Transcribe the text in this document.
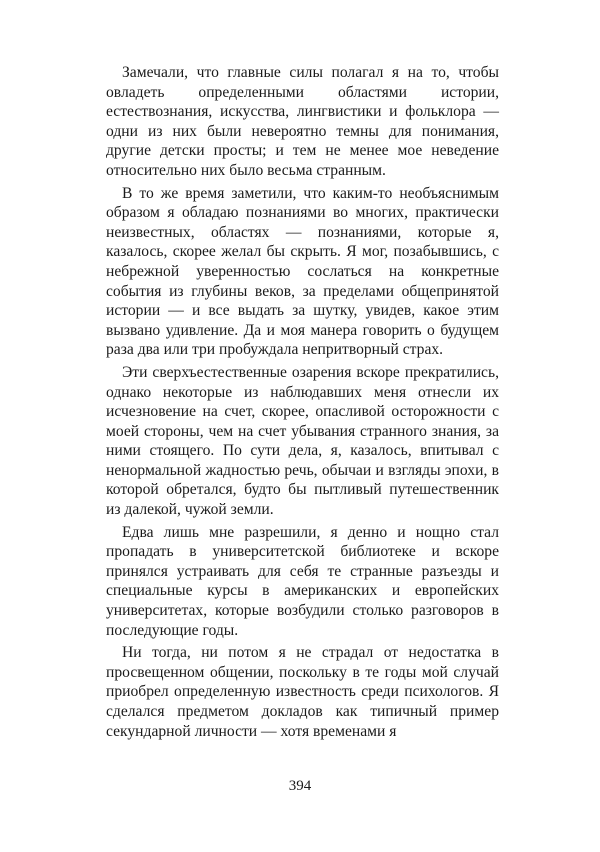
Замечали, что главные силы полагал я на то, чтобы овладеть определенными областями истории, естествознания, искусства, лингвистики и фольклора — одни из них были невероятно темны для понимания, другие детски просты; и тем не менее мое неведение относительно них было весьма странным.

В то же время заметили, что каким-то необъяснимым образом я обладаю познаниями во многих, практически неизвестных, областях — познаниями, которые я, казалось, скорее желал бы скрыть. Я мог, позабывшись, с небрежной уверенностью сослаться на конкретные события из глубины веков, за пределами общепринятой истории — и все выдать за шутку, увидев, какое этим вызвано удивление. Да и моя манера говорить о будущем раза два или три пробуждала непритворный страх.

Эти сверхъестественные озарения вскоре прекратились, однако некоторые из наблюдавших меня отнесли их исчезновение на счет, скорее, опасливой осторожности с моей стороны, чем на счет убывания странного знания, за ними стоящего. По сути дела, я, казалось, впитывал с ненормальной жадностью речь, обычаи и взгляды эпохи, в которой обретался, будто бы пытливый путешественник из далекой, чужой земли.

Едва лишь мне разрешили, я денно и нощно стал пропадать в университетской библиотеке и вскоре принялся устраивать для себя те странные разъезды и специальные курсы в американских и европейских университетах, которые возбудили столько разговоров в последующие годы.

Ни тогда, ни потом я не страдал от недостатка в просвещенном общении, поскольку в те годы мой случай приобрел определенную известность среди психологов. Я сделался предметом докладов как типичный пример секундарной личности — хотя временами я

394
